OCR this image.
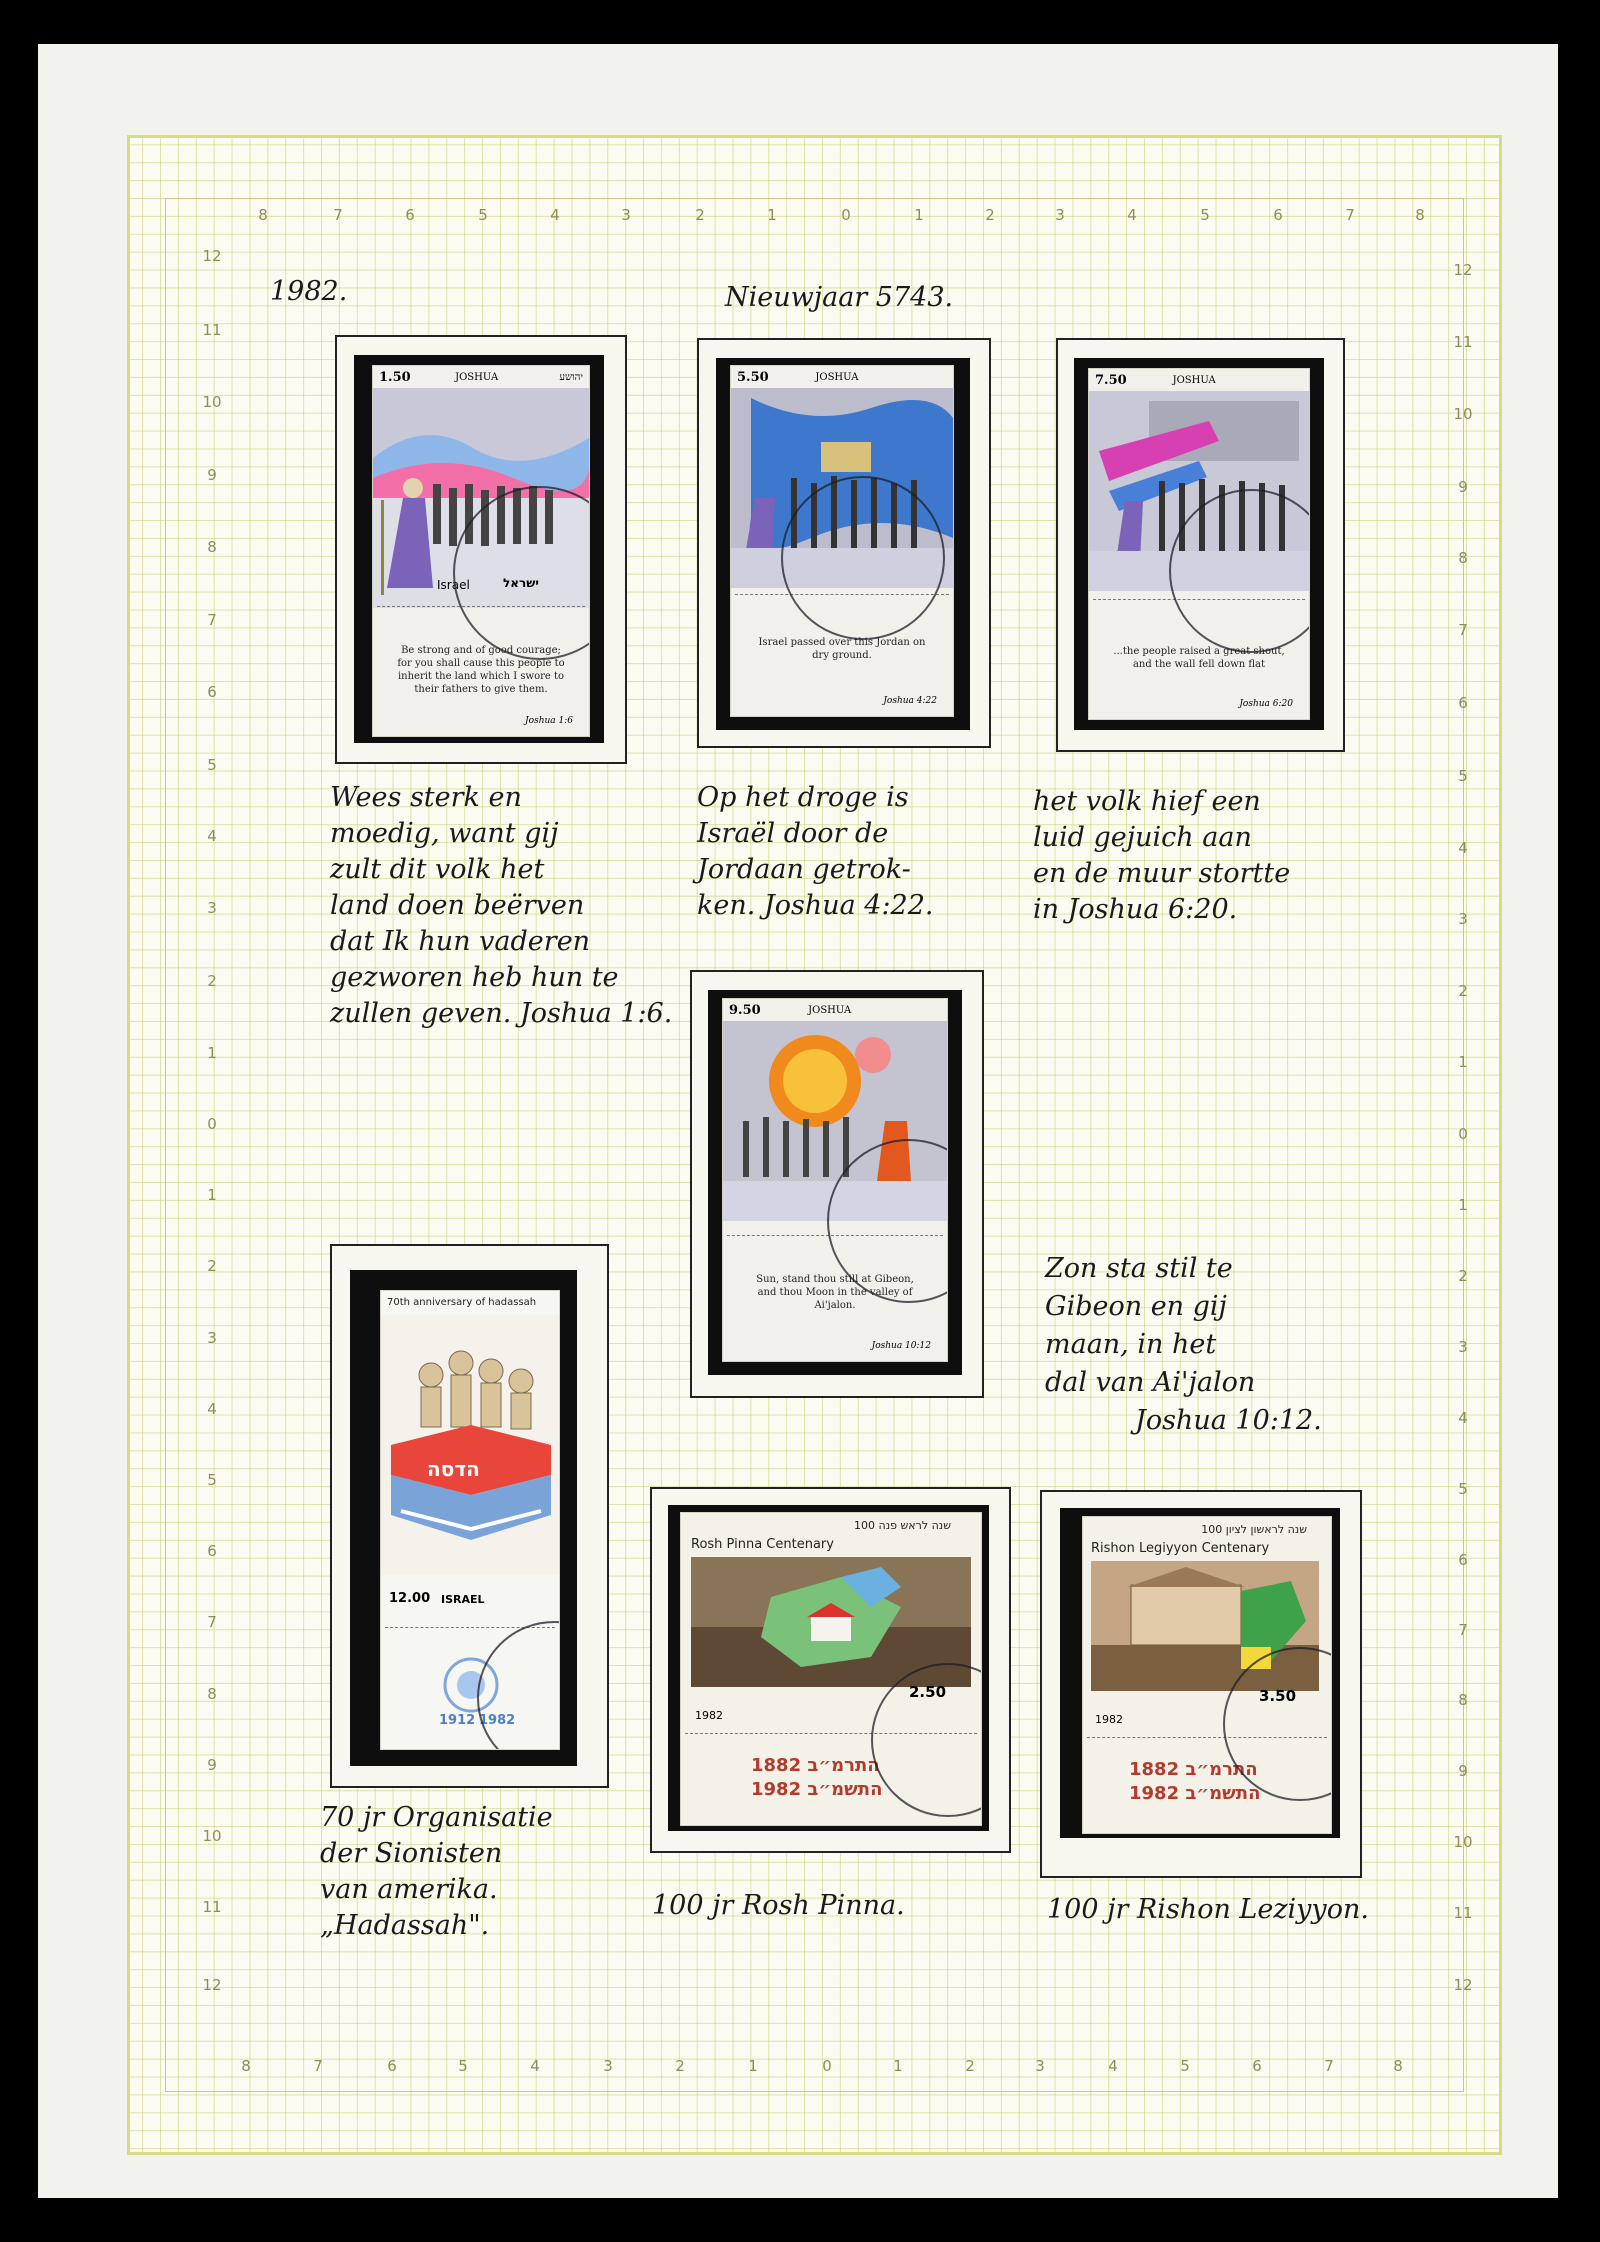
8	7	6	5	4	3	2	1	0	1	2	3	4	5	6	7	8
8	7	6	5	4	3	2	1	0	1	2	3	4	5	6	7	8
12
11
10
9
8
7
6
5
4
3
2
1
0
1
2
3
4
5
6
7
8
9
10
11
12
12
11
10
9
8
7
6
5
4
3
2
1
0
1
2
3
4
5
6
7
8
9
10
11
12
1982.	Nieuwjaar 5743.
1.50	JOSHUA	יהושע
Israel	ישראל
Be strong and of good courage; for you shall cause this people to inherit the land which I swore to their fathers to give them.
Joshua 1:6
5.50	JOSHUA
Israel passed over this Jordan on dry ground.
Joshua 4:22
7.50	JOSHUA
...the people raised a great shout, and the wall fell down flat
Joshua 6:20
Wees sterk en
moedig, want gij
zult dit volk het
land doen beërven
dat Ik hun vaderen
gezworen heb hun te
zullen geven. Joshua 1:6.
Op het droge is
Israël door de
Jordaan getrok-
ken. Joshua 4:22.
het volk hief een
luid gejuich aan
en de muur stortte
in Joshua 6:20.
9.50	JOSHUA
Sun, stand thou still at Gibeon, and thou Moon in the valley of Ai'jalon.
Joshua 10:12
Zon sta stil te
Gibeon en gij
maan, in het
dal van Ai'jalon
Joshua 10:12.
70th anniversary of hadassah
הדסה
12.00 ISRAEL
1912 1982
70 jr Organisatie
der Sionisten
van amerika.
„Hadassah".
100 שנה לראש פנה
Rosh Pinna Centenary
2.50
1982
1882 התרמ״ב
1982 התשמ״ב
100 שנה לראשון לציון
Rishon Legiyyon Centenary
3.50
1982
1882 התרמ״ב
1982 התשמ״ב
100 jr Rosh Pinna.	100 jr Rishon Leziyyon.
